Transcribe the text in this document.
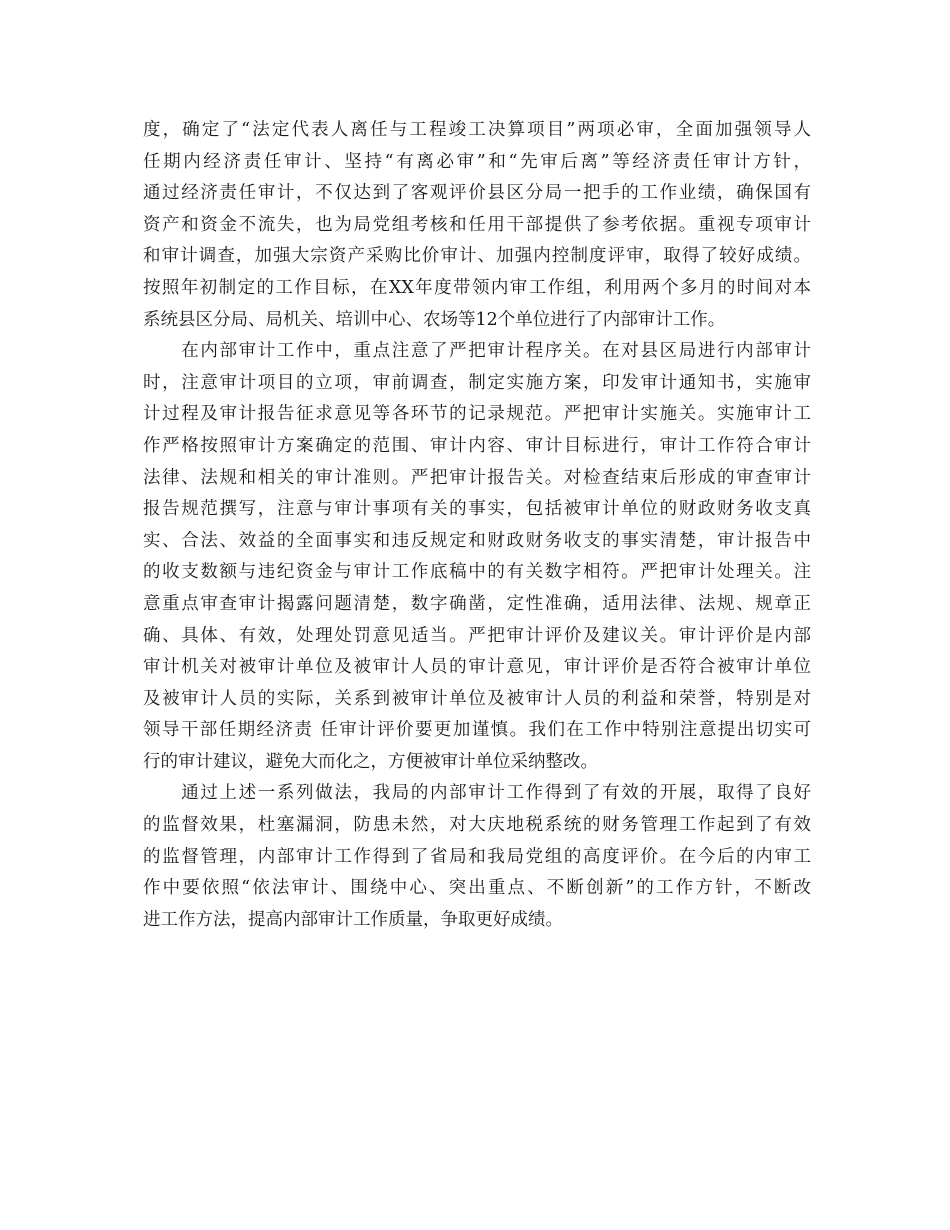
度，确定了“法定代表人离任与工程竣工决算项目”两项必审，全面加强领导人
任期内经济责任审计、坚持“有离必审”和“先审后离”等经济责任审计方针，
通过经济责任审计，不仅达到了客观评价县区分局一把手的工作业绩，确保国有
资产和资金不流失，也为局党组考核和任用干部提供了参考依据。重视专项审计
和审计调查，加强大宗资产采购比价审计、加强内控制度评审，取得了较好成绩。
按照年初制定的工作目标，在XX年度带领内审工作组，利用两个多月的时间对本
系统县区分局、局机关、培训中心、农场等12个单位进行了内部审计工作。
　　在内部审计工作中，重点注意了严把审计程序关。在对县区局进行内部审计
时，注意审计项目的立项，审前调查，制定实施方案，印发审计通知书，实施审
计过程及审计报告征求意见等各环节的记录规范。严把审计实施关。实施审计工
作严格按照审计方案确定的范围、审计内容、审计目标进行，审计工作符合审计
法律、法规和相关的审计准则。严把审计报告关。对检查结束后形成的审查审计
报告规范撰写，注意与审计事项有关的事实，包括被审计单位的财政财务收支真
实、合法、效益的全面事实和违反规定和财政财务收支的事实清楚，审计报告中
的收支数额与违纪资金与审计工作底稿中的有关数字相符。严把审计处理关。注
意重点审查审计揭露问题清楚，数字确凿，定性准确，适用法律、法规、规章正
确、具体、有效，处理处罚意见适当。严把审计评价及建议关。审计评价是内部
审计机关对被审计单位及被审计人员的审计意见，审计评价是否符合被审计单位
及被审计人员的实际，关系到被审计单位及被审计人员的利益和荣誉，特别是对
领导干部任期经济责 任审计评价要更加谨慎。我们在工作中特别注意提出切实可
行的审计建议，避免大而化之，方便被审计单位采纳整改。
　　通过上述一系列做法，我局的内部审计工作得到了有效的开展，取得了良好
的监督效果，杜塞漏洞，防患未然，对大庆地税系统的财务管理工作起到了有效
的监督管理，内部审计工作得到了省局和我局党组的高度评价。在今后的内审工
作中要依照“依法审计、围绕中心、突出重点、不断创新”的工作方针，不断改
进工作方法，提高内部审计工作质量，争取更好成绩。
